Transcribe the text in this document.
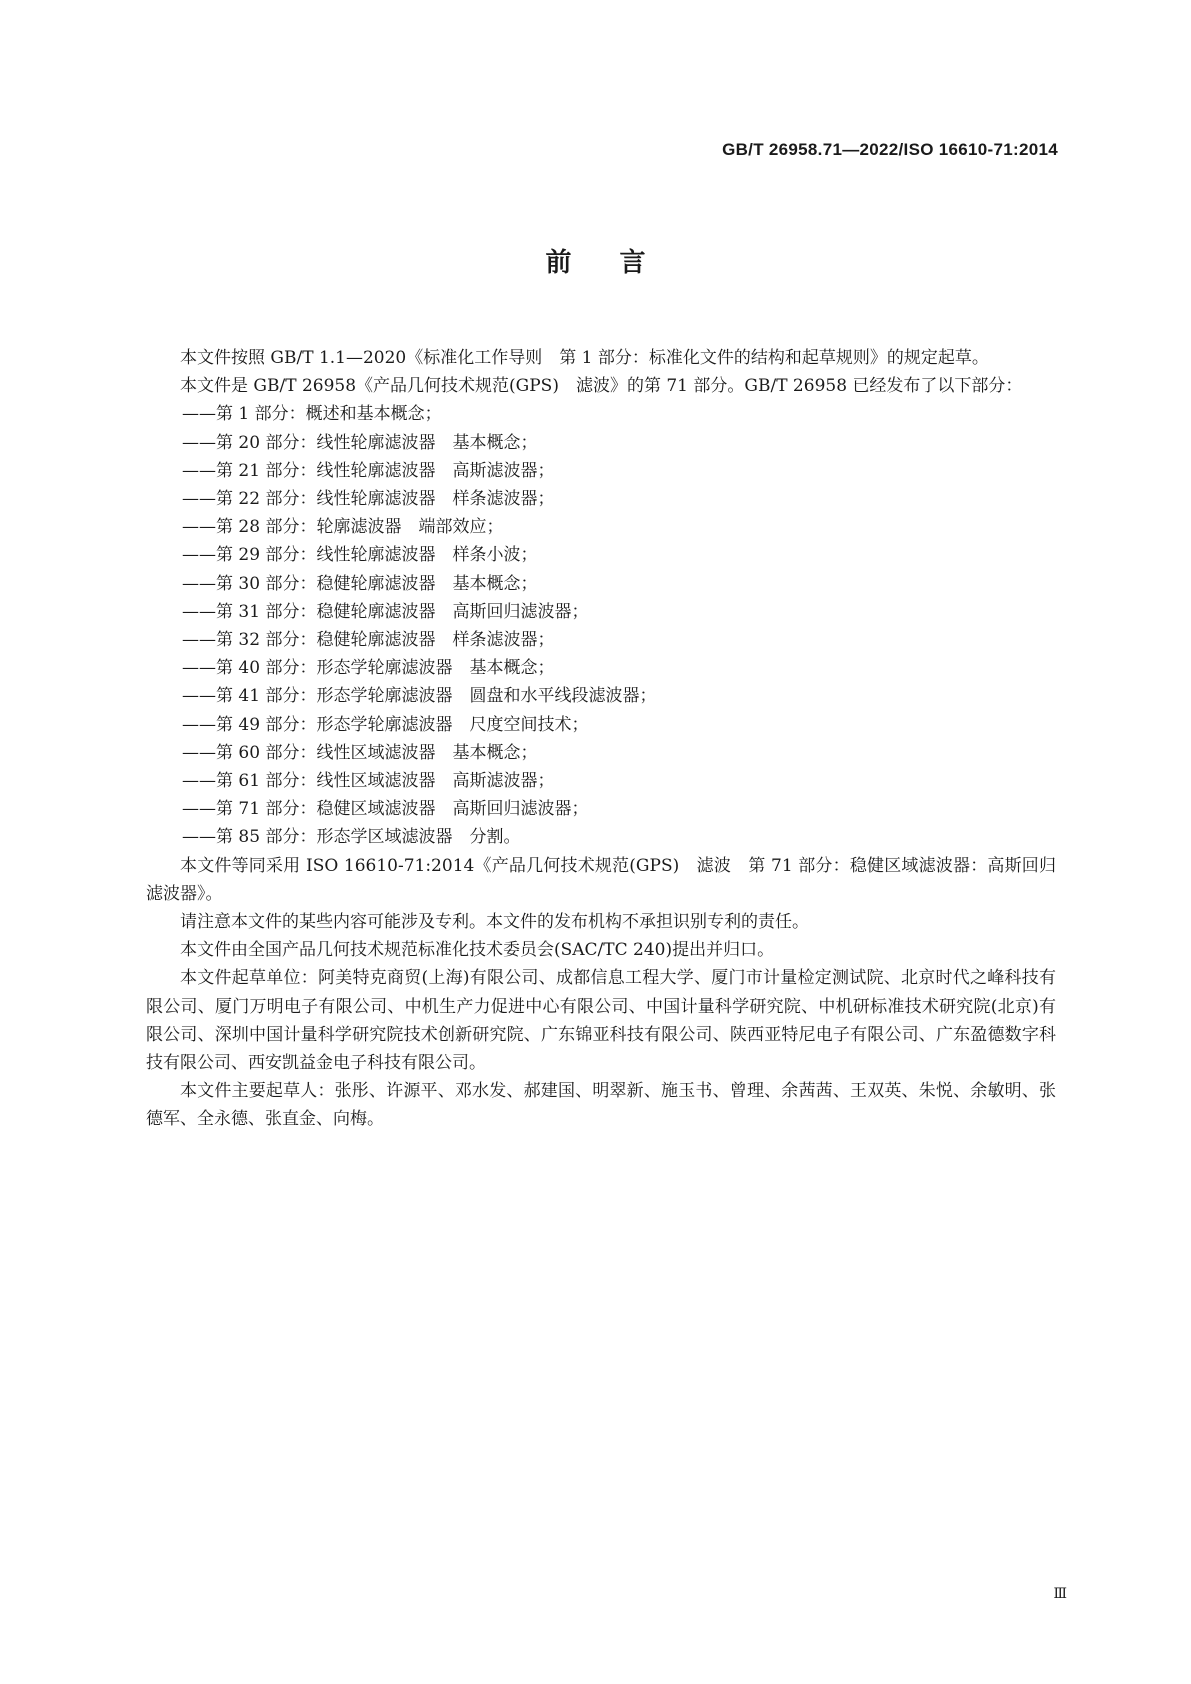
GB/T 26958.71—2022/ISO 16610-71:2014
前言

本文件按照 GB/T 1.1—2020《标准化工作导则　第 1 部分：标准化文件的结构和起草规则》的规定起草。

本文件是 GB/T 26958《产品几何技术规范(GPS)　滤波》的第 71 部分。GB/T 26958 已经发布了以下部分：

——第 1 部分：概述和基本概念；
——第 20 部分：线性轮廓滤波器　基本概念；
——第 21 部分：线性轮廓滤波器　高斯滤波器；
——第 22 部分：线性轮廓滤波器　样条滤波器；
——第 28 部分：轮廓滤波器　端部效应；
——第 29 部分：线性轮廓滤波器　样条小波；
——第 30 部分：稳健轮廓滤波器　基本概念；
——第 31 部分：稳健轮廓滤波器　高斯回归滤波器；
——第 32 部分：稳健轮廓滤波器　样条滤波器；
——第 40 部分：形态学轮廓滤波器　基本概念；
——第 41 部分：形态学轮廓滤波器　圆盘和水平线段滤波器；
——第 49 部分：形态学轮廓滤波器　尺度空间技术；
——第 60 部分：线性区域滤波器　基本概念；
——第 61 部分：线性区域滤波器　高斯滤波器；
——第 71 部分：稳健区域滤波器　高斯回归滤波器；
——第 85 部分：形态学区域滤波器　分割。

本文件等同采用 ISO 16610-71:2014《产品几何技术规范(GPS)　滤波　第 71 部分：稳健区域滤波器：高斯回归滤波器》。

请注意本文件的某些内容可能涉及专利。本文件的发布机构不承担识别专利的责任。

本文件由全国产品几何技术规范标准化技术委员会(SAC/TC 240)提出并归口。

本文件起草单位：阿美特克商贸(上海)有限公司、成都信息工程大学、厦门市计量检定测试院、北京时代之峰科技有限公司、厦门万明电子有限公司、中机生产力促进中心有限公司、中国计量科学研究院、中机研标准技术研究院(北京)有限公司、深圳中国计量科学研究院技术创新研究院、广东锦亚科技有限公司、陕西亚特尼电子有限公司、广东盈德数字科技有限公司、西安凯益金电子科技有限公司。

本文件主要起草人：张彤、许源平、邓水发、郝建国、明翠新、施玉书、曾理、余茜茜、王双英、朱悦、余敏明、张德军、全永德、张直金、向梅。

Ⅲ
